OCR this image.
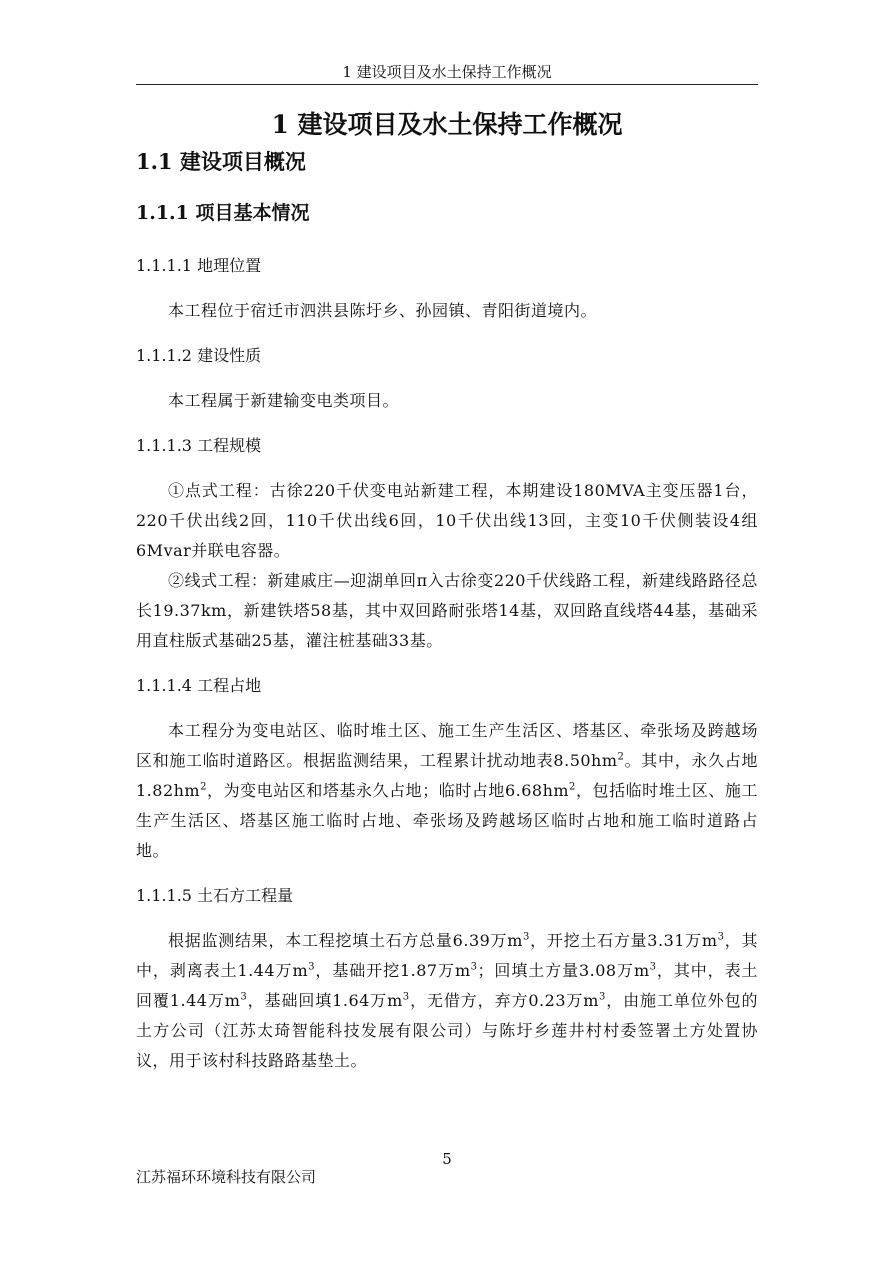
1 建设项目及水土保持工作概况
1 建设项目及水土保持工作概况
1.1 建设项目概况
1.1.1 项目基本情况
1.1.1.1 地理位置
本工程位于宿迁市泗洪县陈圩乡、孙园镇、青阳街道境内。
1.1.1.2 建设性质
本工程属于新建输变电类项目。
1.1.1.3 工程规模
①点式工程：古徐220千伏变电站新建工程，本期建设180MVA主变压器1台，220千伏出线2回，110千伏出线6回，10千伏出线13回，主变10千伏侧装设4组6Mvar并联电容器。
②线式工程：新建戚庄—迎湖单回π入古徐变220千伏线路工程，新建线路路径总长19.37km，新建铁塔58基，其中双回路耐张塔14基，双回路直线塔44基，基础采用直柱版式基础25基，灌注桩基础33基。
1.1.1.4 工程占地
本工程分为变电站区、临时堆土区、施工生产生活区、塔基区、牵张场及跨越场区和施工临时道路区。根据监测结果，工程累计扰动地表$8.50hm^2$。其中，永久占地$1.82hm^2$，为变电站区和塔基永久占地；临时占地$6.68hm^2$，包括临时堆土区、施工生产生活区、塔基区施工临时占地、牵张场及跨越场区临时占地和施工临时道路占地。
1.1.1.5 土石方工程量
根据监测结果，本工程挖填土石方总量6.39万$m^3$，开挖土石方量3.31万$m^3$，其中，剥离表土1.44万$m^3$，基础开挖1.87万$m^3$；回填土方量3.08万$m^3$，其中，表土回覆1.44万$m^3$，基础回填1.64万$m^3$，无借方，弃方0.23万$m^3$，由施工单位外包的土方公司（江苏太琦智能科技发展有限公司）与陈圩乡莲井村村委签署土方处置协议，用于该村科技路路基垫土。
5
江苏福环环境科技有限公司
